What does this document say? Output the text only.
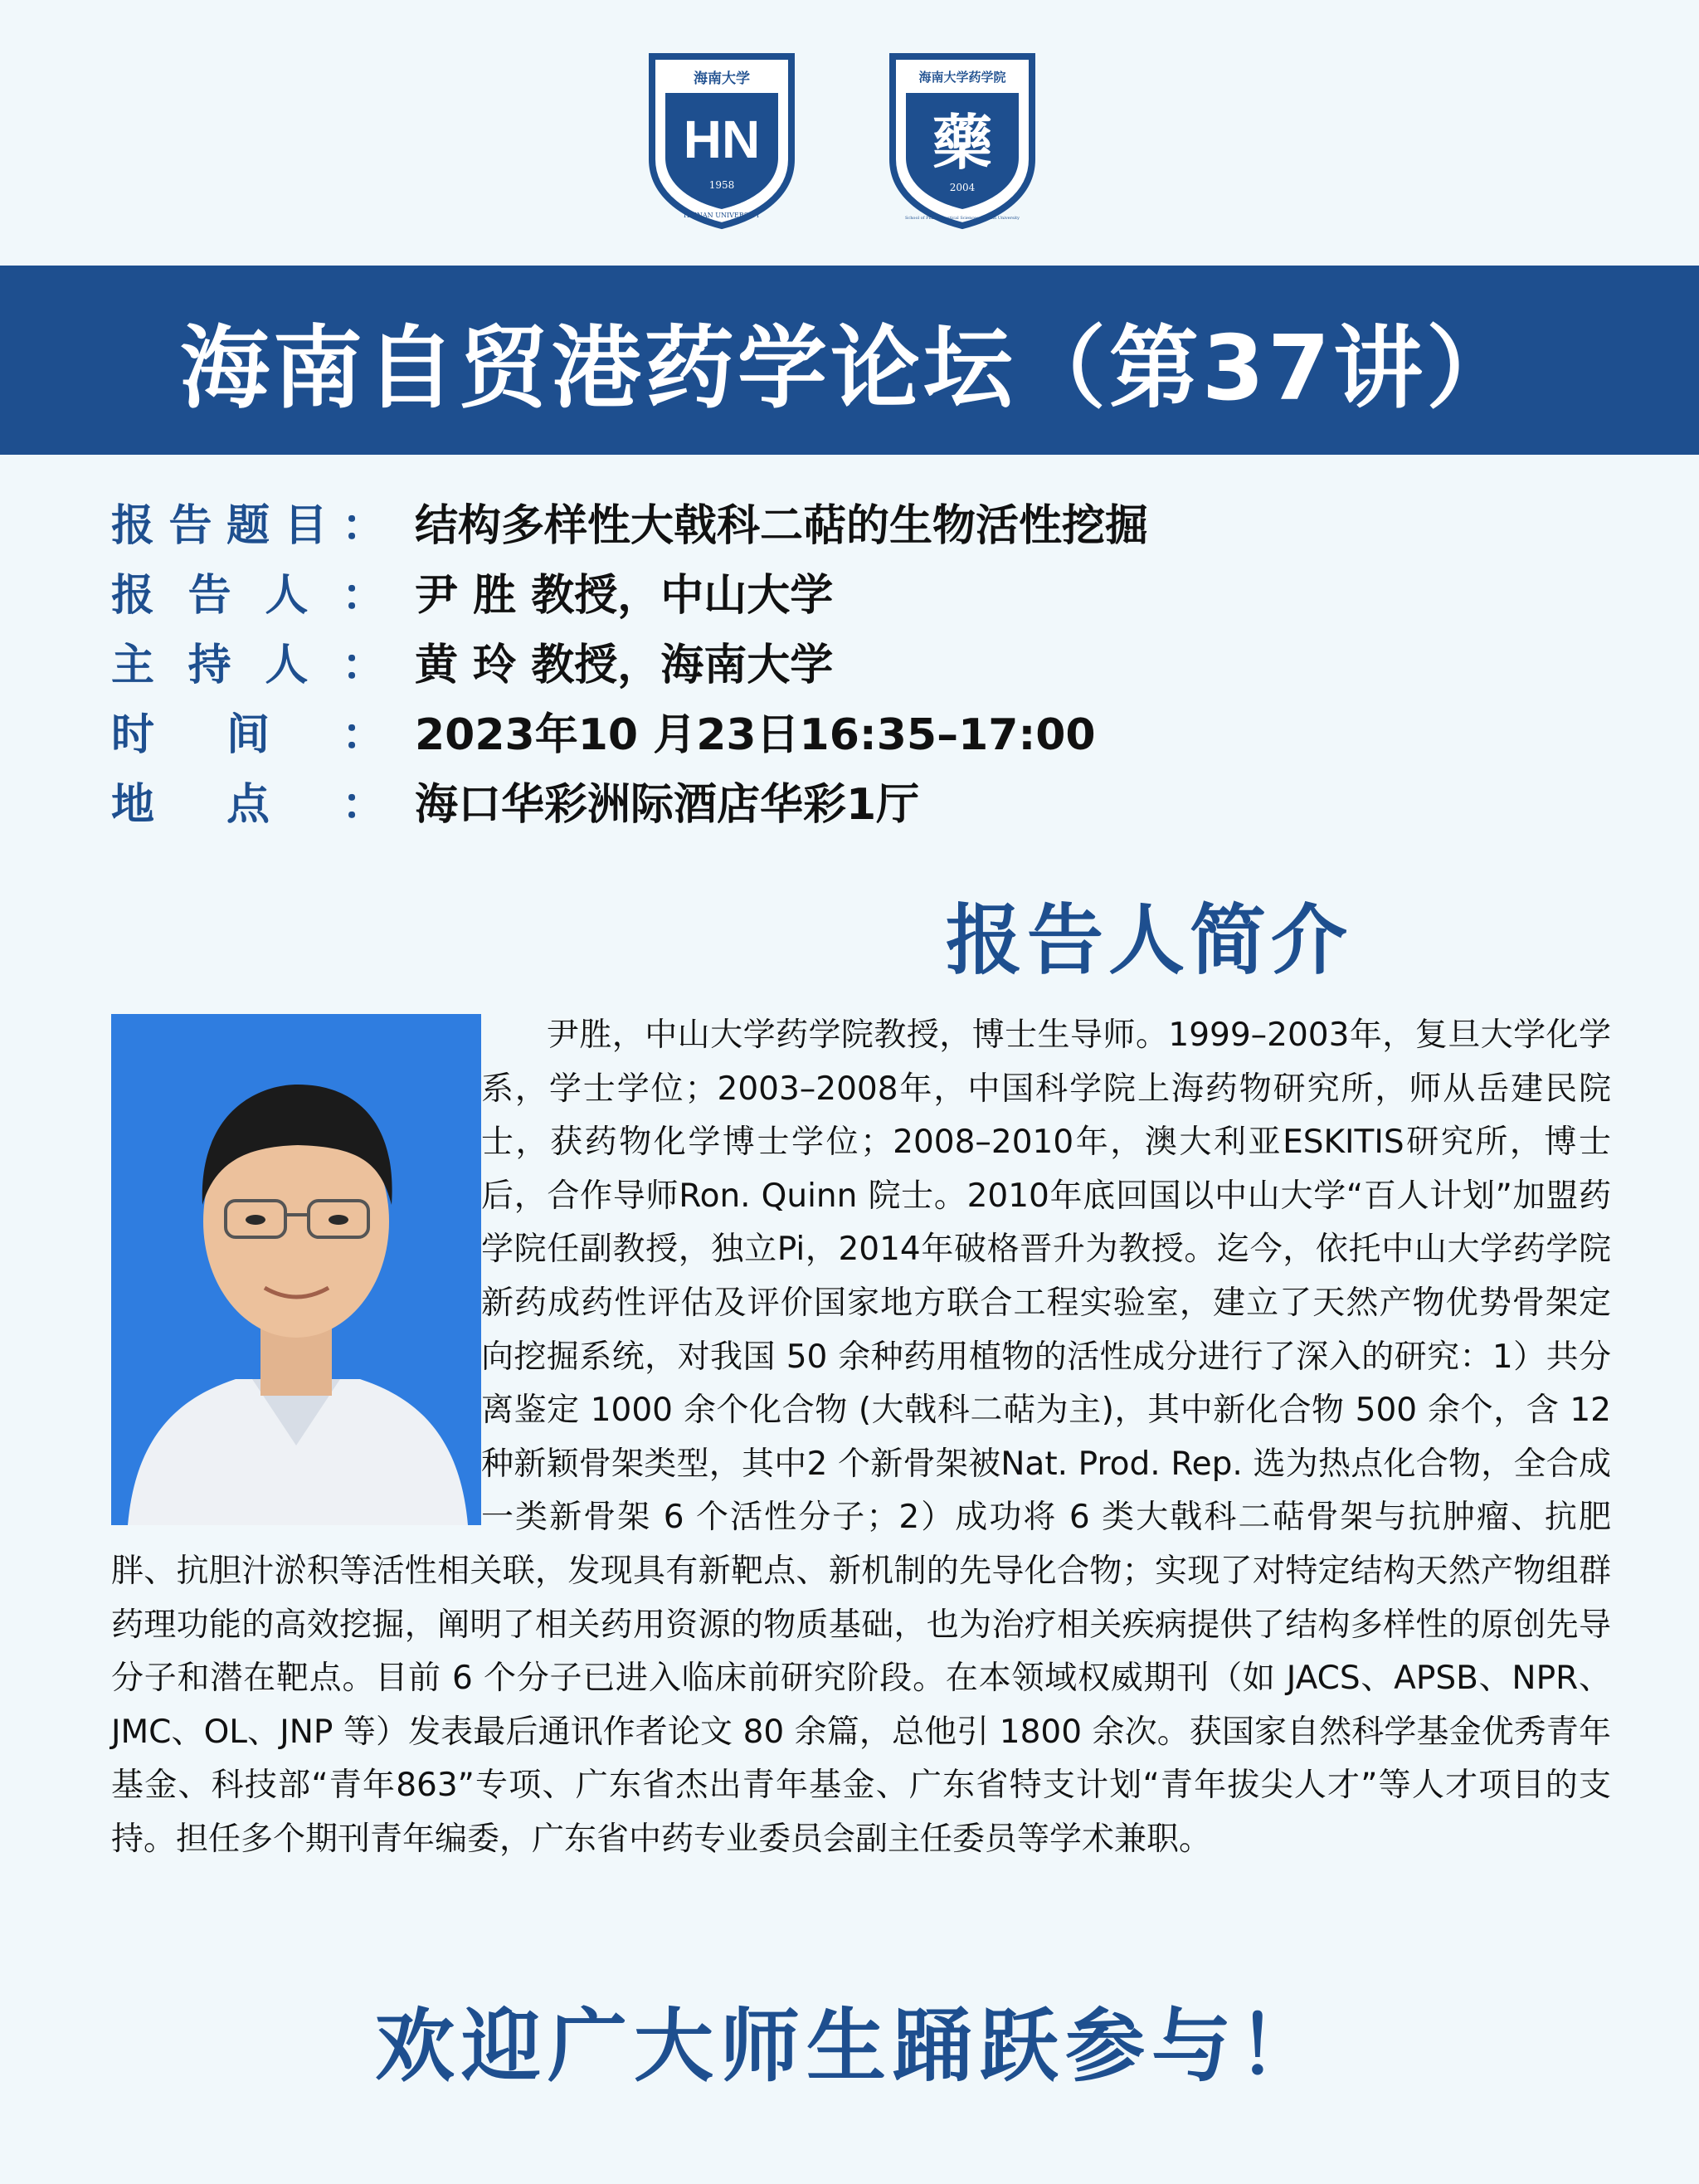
海南大学
HN
1958
HAINAN UNIVERSITY
海南大学药学院
藥
2004
School of Pharmaceutical Sciences, Hainan University
海南自贸港药学论坛（第37讲）
报 告 题 目 ： 结构多样性大戟科二萜的生物活性挖掘
报 告 人 ： 尹 胜 教授，中山大学
主 持 人 ： 黄 玲 教授，海南大学
时 间 ： 2023年10 月23日16:35–17:00
地 点 ： 海口华彩洲际酒店华彩1厅
报告人简介
　　尹胜，中山大学药学院教授，博士生导师。1999–2003年，复旦大学化学系，学士学位；2003–2008年，中国科学院上海药物研究所，师从岳建民院士，获药物化学博士学位；2008–2010年，澳大利亚ESKITIS研究所，博士后，合作导师Ron. Quinn 院士。2010年底回国以中山大学“百人计划”加盟药学院任副教授，独立Pi，2014年破格晋升为教授。迄今，依托中山大学药学院新药成药性评估及评价国家地方联合工程实验室，建立了天然产物优势骨架定向挖掘系统，对我国 50 余种药用植物的活性成分进行了深入的研究：1）共分离鉴定 1000 余个化合物 (大戟科二萜为主)，其中新化合物 500 余个，含 12 种新颖骨架类型，其中2 个新骨架被Nat. Prod. Rep. 选为热点化合物，全合成一类新骨架 6 个活性分子；2）成功将 6 类大戟科二萜骨架与抗肿瘤、抗肥胖、抗胆汁淤积等活性相关联，发现具有新靶点、新机制的先导化合物；实现了对特定结构天然产物组群药理功能的高效挖掘，阐明了相关药用资源的物质基础，也为治疗相关疾病提供了结构多样性的原创先导分子和潜在靶点。目前 6 个分子已进入临床前研究阶段。在本领域权威期刊（如 JACS、APSB、NPR、JMC、OL、JNP 等）发表最后通讯作者论文 80 余篇，总他引 1800 余次。获国家自然科学基金优秀青年基金、科技部“青年863”专项、广东省杰出青年基金、广东省特支计划“青年拔尖人才”等人才项目的支持。担任多个期刊青年编委，广东省中药专业委员会副主任委员等学术兼职。
欢迎广大师生踊跃参与！
